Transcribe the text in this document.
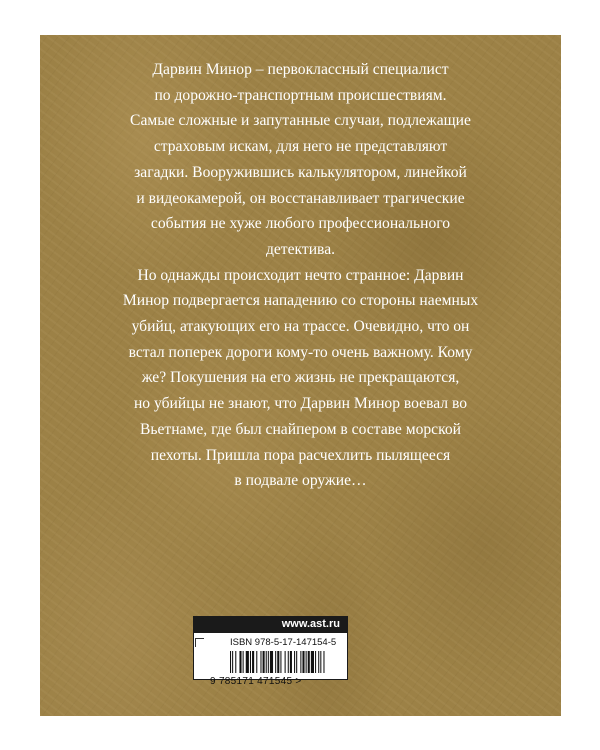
Дарвин Минор – первоклассный специалист
по дорожно-транспортным происшествиям.
Самые сложные и запутанные случаи, подлежащие
страховым искам, для него не представляют
загадки. Вооружившись калькулятором, линейкой
и видеокамерой, он восстанавливает трагические
события не хуже любого профессионального
детектива.
Но однажды происходит нечто странное: Дарвин
Минор подвергается нападению со стороны наемных
убийц, атакующих его на трассе. Очевидно, что он
встал поперек дороги кому-то очень важному. Кому
же? Покушения на его жизнь не прекращаются,
но убийцы не знают, что Дарвин Минор воевал во
Вьетнаме, где был снайпером в составе морской
пехоты. Пришла пора расчехлить пылящееся
в подвале оружие…
www.ast.ru
ISBN 978-5-17-147154-5
9 785171 471545 >
